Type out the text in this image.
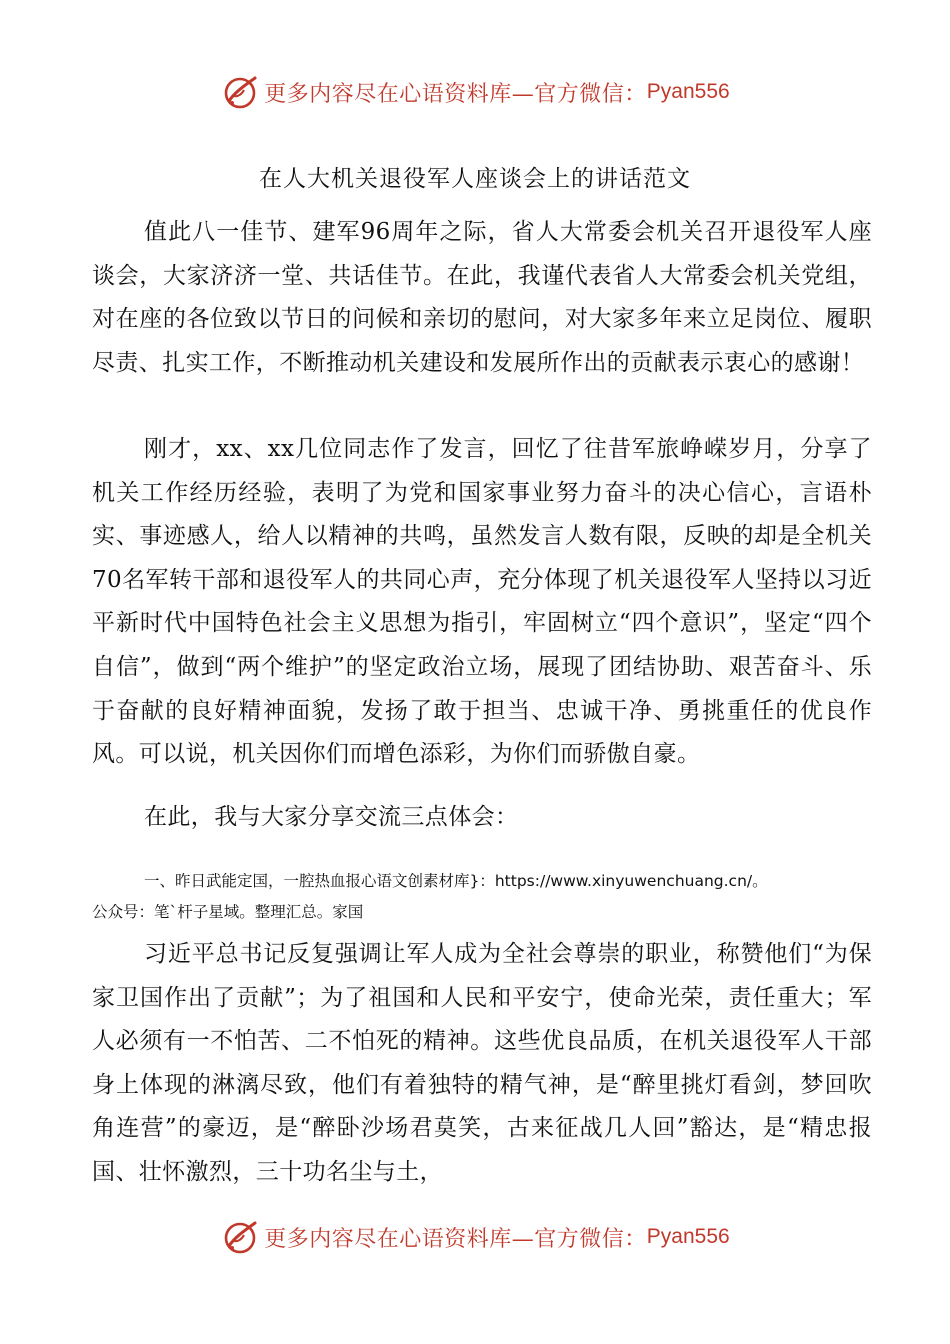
更多内容尽在心语资料库—官方微信： Pyan556
在人大机关退役军人座谈会上的讲话范文

值此八一佳节、建军96周年之际，省人大常委会机关召开退役军人座谈会，大家济济一堂、共话佳节。在此，我谨代表省人大常委会机关党组，对在座的各位致以节日的问候和亲切的慰问，对大家多年来立足岗位、履职尽责、扎实工作，不断推动机关建设和发展所作出的贡献表示衷心的感谢！

刚才，xx、xx几位同志作了发言，回忆了往昔军旅峥嵘岁月，分享了机关工作经历经验，表明了为党和国家事业努力奋斗的决心信心，言语朴实、事迹感人，给人以精神的共鸣，虽然发言人数有限，反映的却是全机关70名军转干部和退役军人的共同心声，充分体现了机关退役军人坚持以习近平新时代中国特色社会主义思想为指引，牢固树立“四个意识”，坚定“四个自信”，做到“两个维护”的坚定政治立场，展现了团结协助、艰苦奋斗、乐于奋献的良好精神面貌，发扬了敢于担当、忠诚干净、勇挑重任的优良作风。可以说，机关因你们而增色添彩，为你们而骄傲自豪。

在此，我与大家分享交流三点体会：

一、昨日武能定国，一腔热血报心语文创素材库}：https://www.xinyuwenchuang.cn/。
公众号：笔`杆子星域。整理汇总。家国

习近平总书记反复强调让军人成为全社会尊崇的职业，称赞他们“为保家卫国作出了贡献”；为了祖国和人民和平安宁，使命光荣，责任重大；军人必须有一不怕苦、二不怕死的精神。这些优良品质，在机关退役军人干部身上体现的淋漓尽致，他们有着独特的精气神，是“醉里挑灯看剑，梦回吹角连营”的豪迈，是“醉卧沙场君莫笑，古来征战几人回”豁达，是“精忠报国、壮怀激烈，三十功名尘与土，

更多内容尽在心语资料库—官方微信： Pyan556
